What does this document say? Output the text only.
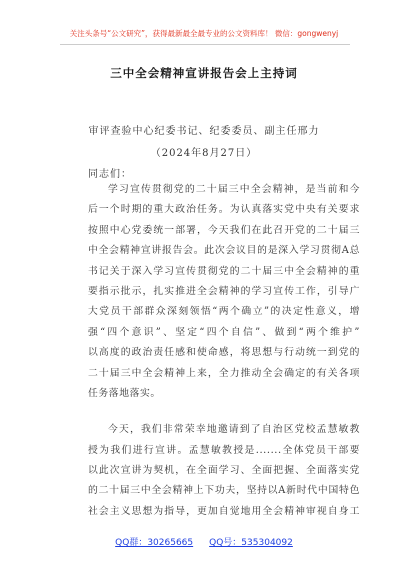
关注头条号“公文研究”，获得最新最全最专业的公文资料库！ 微信：gongwenyj
三中全会精神宣讲报告会上主持词
审评查验中心纪委书记、纪委委员、副主任邢力
（2024年8月27日）
同志们：
学习宣传贯彻党的二十届三中全会精神，是当前和今
后一个时期的重大政治任务。为认真落实党中央有关要求
按照中心党委统一部署，今天我们在此召开党的二十届三
中全会精神宣讲报告会。此次会议目的是深入学习贯彻A总
书记关于深入学习宣传贯彻党的二十届三中全会精神的重
要指示批示，扎实推进全会精神的学习宣传工作，引导广
大党员干部群众深刻领悟“两个确立”的决定性意义，增
强“四个意识”、坚定“四个自信”、做到“两个维护”
以高度的政治责任感和使命感，将思想与行动统一到党的
二十届三中全会精神上来，全力推动全会确定的有关各项
任务落地落实。
今天，我们非常荣幸地邀请到了自治区党校孟慧敏教
授为我们进行宣讲。孟慧敏教授是.......全体党员干部要
以此次宣讲为契机，在全面学习、全面把握、全面落实党
的二十届三中全会精神上下功夫，坚持以A新时代中国特色
社会主义思想为指导，更加自觉地用全会精神审视自身工
QQ群：30265665 QQ号：535304092
